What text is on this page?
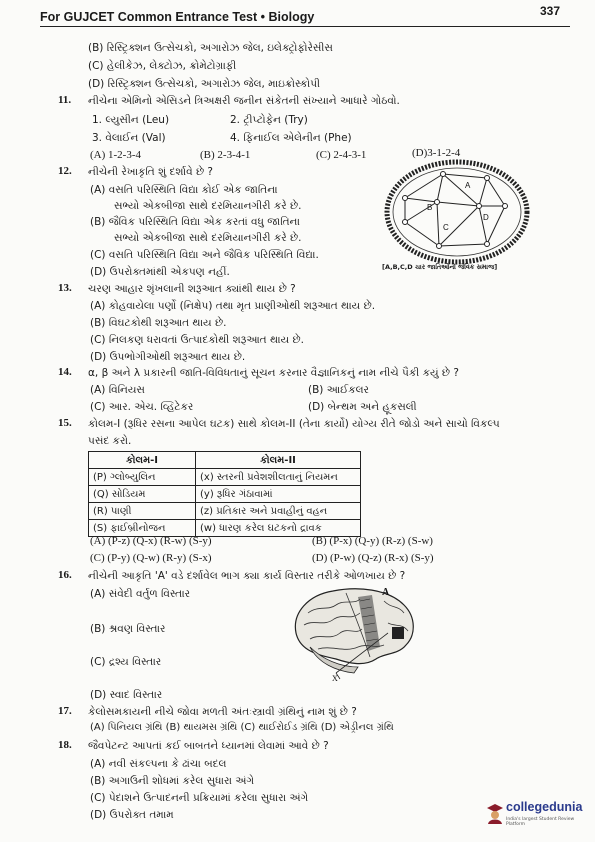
For GUJCET Common Entrance Test • Biology	337
(B) રિસ્ટ્રિક્શન ઉત્સેચકો, અગારોઝ જેલ, ઇલેક્ટ્રોફોરેસીસ
(C) હેલીકેઝ, લેક્ટોઝ, ક્રોમેટોગ્રાફી
(D) રિસ્ટ્રિક્શન ઉત્સેચકો, અગારોઝ જેલ, માઇક્રોસ્કોપી
11. નીચેના એમિનો એસિડને ત્રિઅક્ષરી જનીન સંકેતની સંખ્યાને આધારે ગોઠવો.
1. લ્યુસીન (Leu)	2. ટ્રીપ્ટોફેન (Try)
3. વેલાઈન (Val)	4. ફિનાઈલ એલેનીન (Phe)
(A) 1-2-3-4	(B) 2-3-4-1	(C) 2-4-3-1	(D)3-1-2-4
12. નીચેની રેખાકૃતિ શું દર્શાવે છે ?
(A) વસતિ પરિસ્થિતિ વિદ્યા કોઈ એક જાતિના
સભ્યો એકબીજા સાથે દરમિયાનગીરી કરે છે.
(B) જૈવિક પરિસ્થિતિ વિદ્યા એક કરતાં વધુ જાતિના
સભ્યો એકબીજા સાથે દરમિયાનગીરી કરે છે.
(C) વસતિ પરિસ્થિતિ વિદ્યા અને જૈવિક પરિસ્થિતિ વિદ્યા.
(D) ઉપરોક્તમાંથી એકપણ નહીં.
A
B
C
D
[A,B,C,D ચાર જાતિઓનો જૈવિક સમાજ]
13. ચરણ આહાર શૃંખલાની શરૂઆત ક્યાંથી થાય છે ?
(A) કોહવાયેલા પર્ણો (નિક્ષેપ) તથા મૃત પ્રાણીઓથી શરૂઆત થાય છે.
(B) વિઘટકોથી શરૂઆત થાય છે.
(C) નિલકણ ધરાવતાં ઉત્પાદકોથી શરૂઆત થાય છે.
(D) ઉપભોગીઓથી શરૂઆત થાય છે.
14. α, β અને λ પ્રકારની જાતિ-વિવિધતાનું સૂચન કરનાર વૈજ્ઞાનિકનું નામ નીચે પૈકી કયું છે ?
(A) વિનિયસ	(B) આઈકલર
(C) આર. એચ. વ્હિટેકર	(D) બેન્થમ અને હૂકસલી
15. કોલમ-I (રૂધિર રસના આપેલ ઘટક) સાથે કોલમ-II (તેના કાર્યો) યોગ્ય રીતે જોડો અને સાચો વિકલ્પ
પસંદ કરો.
કોલમ-I	કોલમ-II
(P) ગ્લોબ્યુલિન	(x) સ્તરની પ્રવેશશીલતાનું નિયમન
(Q) સોડિયમ	(y) રૂધિર ગંઠાવામાં
(R) પાણી	(z) પ્રતિકાર અને પ્રવાહીનું વહન
(S) ફાઈબ્રીનોજન	(w) ધારણ કરેલ ઘટકનો દ્રાવક
(A) (P-z) (Q-x) (R-w) (S-y)	(B) (P-x) (Q-y) (R-z) (S-w)
(C) (P-y) (Q-w) (R-y) (S-x)	(D) (P-w) (Q-z) (R-x) (S-y)
16. નીચેની આકૃતિ 'A' વડે દર્શાવેલ ભાગ ક્યા કાર્ય વિસ્તાર તરીકે ઓળખાય છે ?
(A) સંવેદી વર્તુળ વિસ્તાર
(B) શ્રવણ વિસ્તાર
(C) દ્રશ્ય વિસ્તાર
(D) સ્વાદ વિસ્તાર
A
X
17. કેલોસમકાયની નીચે જોવા મળતી અંતઃસ્ત્રાવી ગ્રંથિનું નામ શું છે ?
(A) પિનિયલ ગ્રંથિ (B) થાયમસ ગ્રંથિ (C) થાઈરોઈડ ગ્રંથિ (D) એડ્રીનલ ગ્રંથિ
18. જૈવપેટન્ટ આપતાં કઈ બાબતને ધ્યાનમાં લેવામાં આવે છે ?
(A) નવી સંકલ્પના કે ઢાંચા બદલ
(B) અગાઉની શોધમાં કરેલ સુધારા અંગે
(C) પેદાશને ઉત્પાદનની પ્રક્રિયામાં કરેલા સુધારા અંગે
(D) ઉપરોક્ત તમામ
collegedunia
India's largest Student Review Platform
